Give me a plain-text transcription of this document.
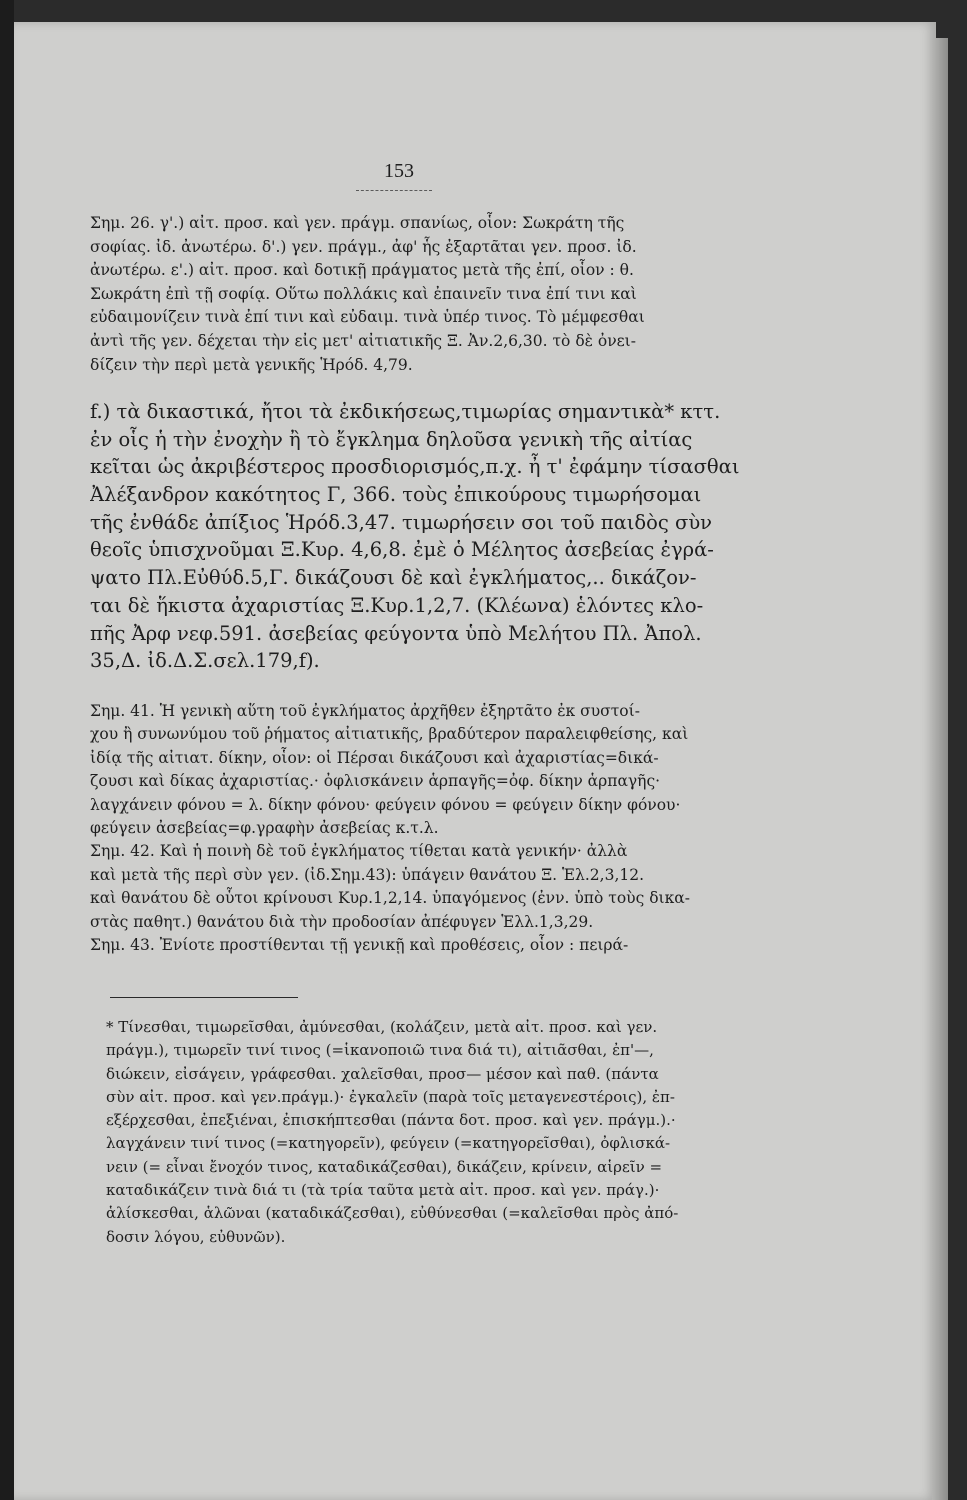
153
Σημ. 26. γ'.) αἰτ. προσ. καὶ γεν. πράγμ. σπανίως, οἷον: Σωκράτη τῆς
σοφίας. ἰδ. ἀνωτέρω. δ'.) γεν. πράγμ., ἀφ' ἧς ἐξαρτᾶται γεν. προσ. ἰδ.
ἀνωτέρω. ε'.) αἰτ. προσ. καὶ δοτικῇ πράγματος μετὰ τῆς ἐπί, οἷον : θ.
Σωκράτη ἐπὶ τῇ σοφίᾳ. Οὕτω πολλάκις καὶ ἐπαινεῖν τινα ἐπί τινι καὶ
εὐδαιμονίζειν τινὰ ἐπί τινι καὶ εὐδαιμ. τινὰ ὑπέρ τινος. Τὸ μέμφεσθαι
ἀντὶ τῆς γεν. δέχεται τὴν εἰς μετ' αἰτιατικῆς Ξ. Ἀν.2,6,30. τὸ δὲ ὀνει-
δίζειν τὴν περὶ μετὰ γενικῆς Ἡρόδ. 4,79.
f.) τὰ δικαστικά, ἤτοι τὰ ἐκδικήσεως,τιμωρίας σημαντικὰ* κττ.
ἐν οἷς ἡ τὴν ἐνοχὴν ἢ τὸ ἔγκλημα δηλοῦσα γενικὴ τῆς αἰτίας
κεῖται ὡς ἀκριβέστερος προσδιορισμός,π.χ. ἦ τ' ἐφάμην τίσασθαι
Ἀλέξανδρον κακότητος Γ, 366. τοὺς ἐπικούρους τιμωρήσομαι
τῆς ἐνθάδε ἀπίξιος Ἡρόδ.3,47. τιμωρήσειν σοι τοῦ παιδὸς σὺν
θεοῖς ὑπισχνοῦμαι Ξ.Κυρ. 4,6,8. ἐμὲ ὁ Μέλητος ἀσεβείας ἐγρά-
ψατο Πλ.Εὐθύδ.5,Γ. δικάζουσι δὲ καὶ ἐγκλήματος,.. δικάζον-
ται δὲ ἥκιστα ἀχαριστίας Ξ.Κυρ.1,2,7. (Κλέωνα) ἑλόντες κλο-
πῆς Ἀρφ νεφ.591. ἀσεβείας φεύγοντα ὑπὸ Μελήτου Πλ. Ἀπολ.
35,Δ. ἰδ.Δ.Σ.σελ.179,f).
Σημ. 41. Ἡ γενικὴ αὕτη τοῦ ἐγκλήματος ἀρχῆθεν ἐξηρτᾶτο ἐκ συστοί-
χου ἢ συνωνύμου τοῦ ῥήματος αἰτιατικῆς, βραδύτερον παραλειφθείσης, καὶ
ἰδίᾳ τῆς αἰτιατ. δίκην, οἷον: οἱ Πέρσαι δικάζουσι καὶ ἀχαριστίας=δικά-
ζουσι καὶ δίκας ἀχαριστίας.· ὀφλισκάνειν ἁρπαγῆς=ὀφ. δίκην ἁρπαγῆς·
λαγχάνειν φόνου = λ. δίκην φόνου· φεύγειν φόνου = φεύγειν δίκην φόνου·
φεύγειν ἀσεβείας=φ.γραφὴν ἀσεβείας κ.τ.λ.
Σημ. 42. Καὶ ἡ ποινὴ δὲ τοῦ ἐγκλήματος τίθεται κατὰ γενικήν· ἀλλὰ
καὶ μετὰ τῆς περὶ σὺν γεν. (ἰδ.Σημ.43): ὑπάγειν θανάτου Ξ. Ἑλ.2,3,12.
καὶ θανάτου δὲ οὗτοι κρίνουσι Κυρ.1,2,14. ὑπαγόμενος (ἐνν. ὑπὸ τοὺς δικα-
στὰς παθητ.) θανάτου διὰ τὴν προδοσίαν ἀπέφυγεν Ἑλλ.1,3,29.
Σημ. 43. Ἐνίοτε προστίθενται τῇ γενικῇ καὶ προθέσεις, οἷον : πειρά-
* Τίνεσθαι, τιμωρεῖσθαι, ἀμύνεσθαι, (κολάζειν, μετὰ αἰτ. προσ. καὶ γεν.
πράγμ.), τιμωρεῖν τινί τινος (=ἱκανοποιῶ τινα διά τι), αἰτιᾶσθαι, ἐπ'—,
διώκειν, εἰσάγειν, γράφεσθαι. χαλεῖσθαι, προσ— μέσον καὶ παθ. (πάντα
σὺν αἰτ. προσ. καὶ γεν.πράγμ.)· ἐγκαλεῖν (παρὰ τοῖς μεταγενεστέροις), ἐπ-
εξέρχεσθαι, ἐπεξιέναι, ἐπισκήπτεσθαι (πάντα δοτ. προσ. καὶ γεν. πράγμ.).·
λαγχάνειν τινί τινος (=κατηγορεῖν), φεύγειν (=κατηγορεῖσθαι), ὀφλισκά-
νειν (= εἶναι ἔνοχόν τινος, καταδικάζεσθαι), δικάζειν, κρίνειν, αἱρεῖν =
καταδικάζειν τινὰ διά τι (τὰ τρία ταῦτα μετὰ αἰτ. προσ. καὶ γεν. πράγ.)·
ἁλίσκεσθαι, ἁλῶναι (καταδικάζεσθαι), εὐθύνεσθαι (=καλεῖσθαι πρὸς ἀπό-
δοσιν λόγου, εὐθυνῶν).
